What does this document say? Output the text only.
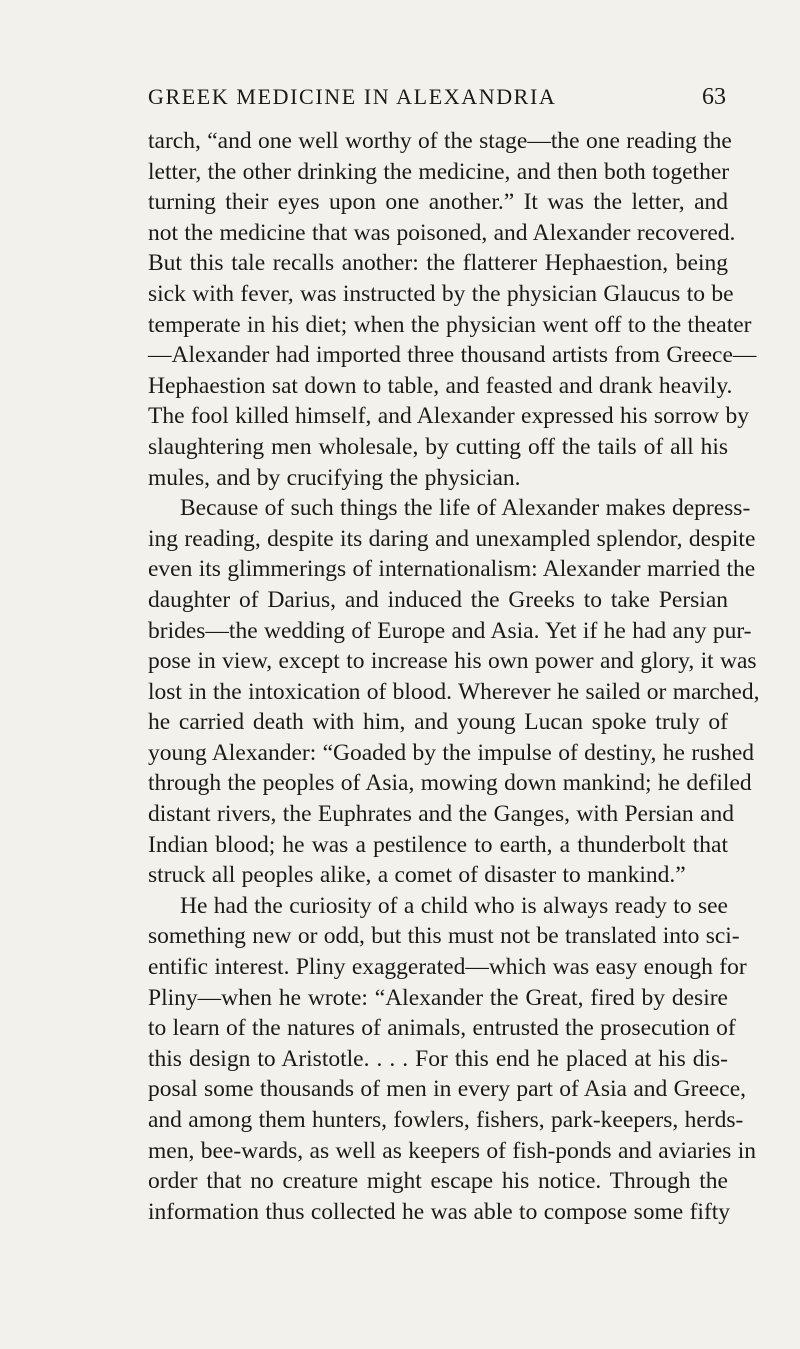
GREEK MEDICINE IN ALEXANDRIA	63
tarch, “and one well worthy of the stage—the one reading the
letter, the other drinking the medicine, and then both together
turning their eyes upon one another.” It was the letter, and
not the medicine that was poisoned, and Alexander recovered.
But this tale recalls another: the flatterer Hephaestion, being
sick with fever, was instructed by the physician Glaucus to be
temperate in his diet; when the physician went off to the theater
—Alexander had imported three thousand artists from Greece—
Hephaestion sat down to table, and feasted and drank heavily.
The fool killed himself, and Alexander expressed his sorrow by
slaughtering men wholesale, by cutting off the tails of all his
mules, and by crucifying the physician.
Because of such things the life of Alexander makes depress-
ing reading, despite its daring and unexampled splendor, despite
even its glimmerings of internationalism: Alexander married the
daughter of Darius, and induced the Greeks to take Persian
brides—the wedding of Europe and Asia. Yet if he had any pur-
pose in view, except to increase his own power and glory, it was
lost in the intoxication of blood. Wherever he sailed or marched,
he carried death with him, and young Lucan spoke truly of
young Alexander: “Goaded by the impulse of destiny, he rushed
through the peoples of Asia, mowing down mankind; he defiled
distant rivers, the Euphrates and the Ganges, with Persian and
Indian blood; he was a pestilence to earth, a thunderbolt that
struck all peoples alike, a comet of disaster to mankind.”
He had the curiosity of a child who is always ready to see
something new or odd, but this must not be translated into sci-
entific interest. Pliny exaggerated—which was easy enough for
Pliny—when he wrote: “Alexander the Great, fired by desire
to learn of the natures of animals, entrusted the prosecution of
this design to Aristotle. . . . For this end he placed at his dis-
posal some thousands of men in every part of Asia and Greece,
and among them hunters, fowlers, fishers, park-keepers, herds-
men, bee-wards, as well as keepers of fish-ponds and aviaries in
order that no creature might escape his notice. Through the
information thus collected he was able to compose some fifty
